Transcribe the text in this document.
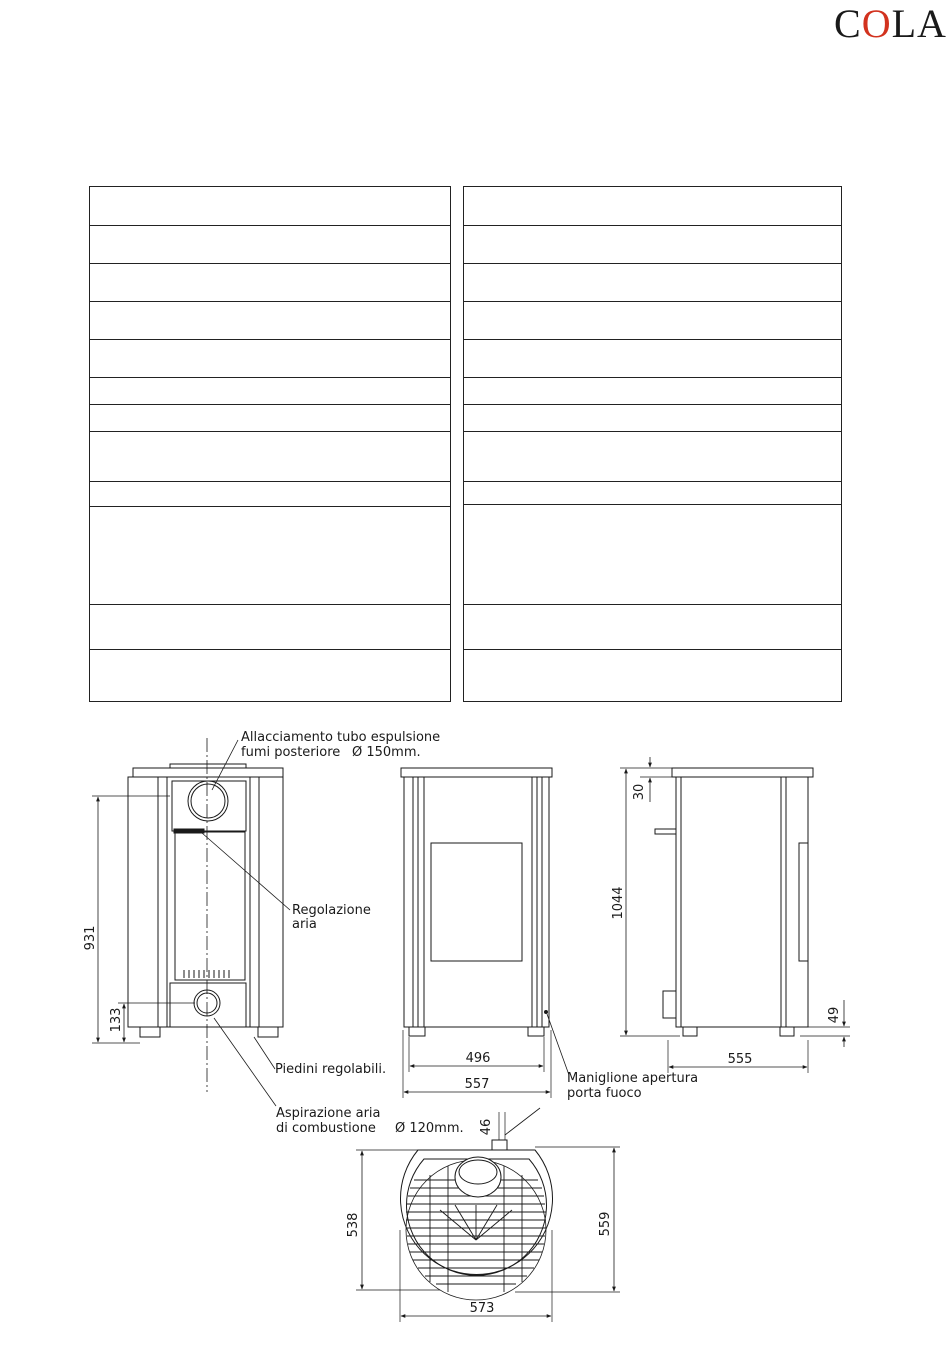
COLA
Allacciamento tubo espulsione
fumi posteriore Ø 150mm.
Regolazione
aria
Piedini regolabili.
Aspirazione aria
di combustione Ø 120mm.
931
133
496
557	Maniglione apertura
porta fuoco
30
1044
49
555
46
538	559
573
